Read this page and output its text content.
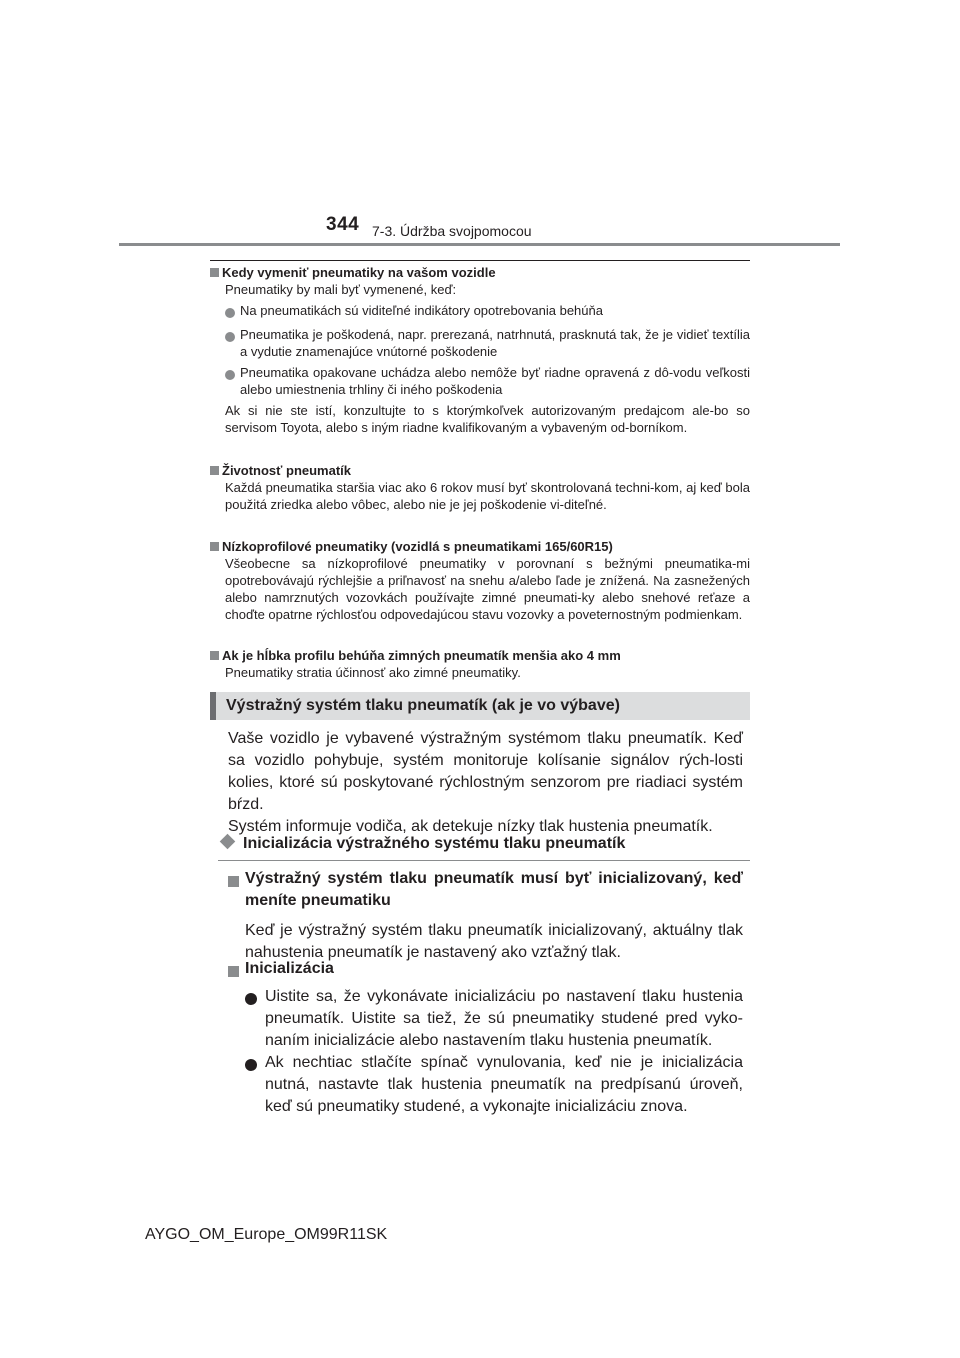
344 7-3. Údržba svojpomocou

Kedy vymeniť pneumatiky na vašom vozidle

Pneumatiky by mali byť vymenené, keď:

Na pneumatikách sú viditeľné indikátory opotrebovania behúňa
Pneumatika je poškodená, napr. prerezaná, natrhnutá, prasknutá tak, že je vidieť textília a vydutie znamenajúce vnútorné poškodenie
Pneumatika opakovane uchádza alebo nemôže byť riadne opravená z dô-vodu veľkosti alebo umiestnenia trhliny či iného poškodenia

Ak si nie ste istí, konzultujte to s ktorýmkoľvek autorizovaným predajcom ale-bo so servisom Toyota, alebo s iným riadne kvalifikovaným a vybaveným od-borníkom.

Životnosť pneumatík

Každá pneumatika staršia viac ako 6 rokov musí byť skontrolovaná techni-kom, aj keď bola použitá zriedka alebo vôbec, alebo nie je jej poškodenie vi-diteľné.

Nízkoprofilové pneumatiky (vozidlá s pneumatikami 165/60R15)

Všeobecne sa nízkoprofilové pneumatiky v porovnaní s bežnými pneumatika-mi opotrebovávajú rýchlejšie a priľnavosť na snehu a/alebo ľade je znížená. Na zasnežených alebo namrznutých vozovkách používajte zimné pneumati-ky alebo snehové reťaze a choďte opatrne rýchlosťou odpovedajúcou stavu vozovky a poveternostným podmienkam.

Ak je hĺbka profilu behúňa zimných pneumatík menšia ako 4 mm

Pneumatiky stratia účinnosť ako zimné pneumatiky.

Výstražný systém tlaku pneumatík (ak je vo výbave)

Vaše vozidlo je vybavené výstražným systémom tlaku pneumatík. Keď sa vozidlo pohybuje, systém monitoruje kolísanie signálov rých-losti kolies, ktoré sú poskytované rýchlostným senzorom pre riadiaci systém bŕzd.

Systém informuje vodiča, ak detekuje nízky tlak hustenia pneumatík.

Inicializácia výstražného systému tlaku pneumatík
Výstražný systém tlaku pneumatík musí byť inicializovaný, keď meníte pneumatiku

Keď je výstražný systém tlaku pneumatík inicializovaný, aktuálny tlak nahustenia pneumatík je nastavený ako vzťažný tlak.

Inicializácia
Uistite sa, že vykonávate inicializáciu po nastavení tlaku hustenia pneumatík. Uistite sa tiež, že sú pneumatiky studené pred vyko-naním inicializácie alebo nastavením tlaku hustenia pneumatík.
Ak nechtiac stlačíte spínač vynulovania, keď nie je inicializácia nutná, nastavte tlak hustenia pneumatík na predpísanú úroveň, keď sú pneumatiky studené, a vykonajte inicializáciu znova.
AYGO_OM_Europe_OM99R11SK
